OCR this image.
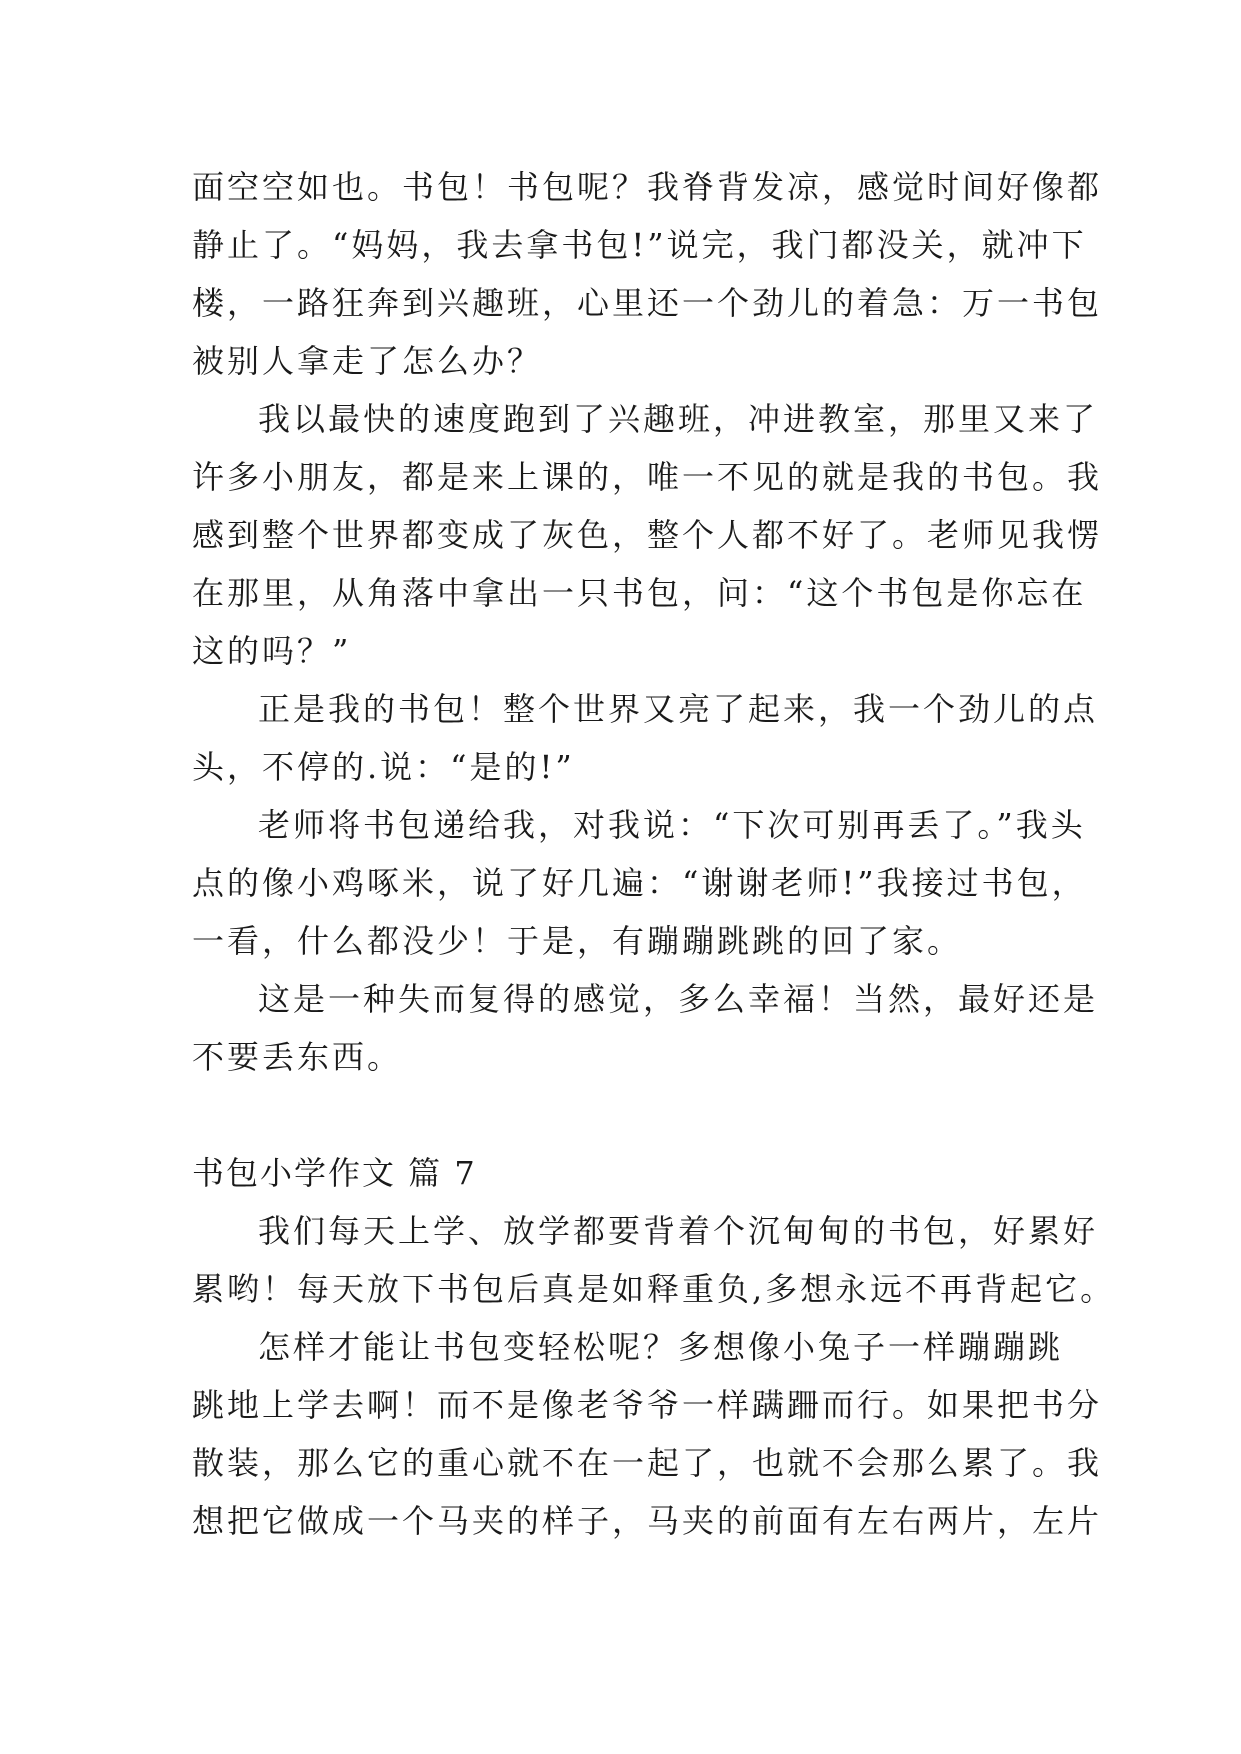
面空空如也。书包！书包呢？我脊背发凉，感觉时间好像都
静止了。“妈妈，我去拿书包!”说完，我门都没关，就冲下
楼，一路狂奔到兴趣班，心里还一个劲儿的着急：万一书包
被别人拿走了怎么办？
我以最快的速度跑到了兴趣班，冲进教室，那里又来了
许多小朋友，都是来上课的，唯一不见的就是我的书包。我
感到整个世界都变成了灰色，整个人都不好了。老师见我愣
在那里，从角落中拿出一只书包，问：“这个书包是你忘在
这的吗？”
正是我的书包！整个世界又亮了起来，我一个劲儿的点
头，不停的.说：“是的!”
老师将书包递给我，对我说：“下次可别再丢了。”我头
点的像小鸡啄米，说了好几遍：“谢谢老师!”我接过书包，
一看，什么都没少！于是，有蹦蹦跳跳的回了家。
这是一种失而复得的感觉，多么幸福！当然，最好还是
不要丢东西。
书包小学作文 篇 7
我们每天上学、放学都要背着个沉甸甸的书包，好累好
累哟！每天放下书包后真是如释重负,多想永远不再背起它。
怎样才能让书包变轻松呢？多想像小兔子一样蹦蹦跳
跳地上学去啊！而不是像老爷爷一样蹒跚而行。如果把书分
散装，那么它的重心就不在一起了，也就不会那么累了。我
想把它做成一个马夹的样子，马夹的前面有左右两片，左片
